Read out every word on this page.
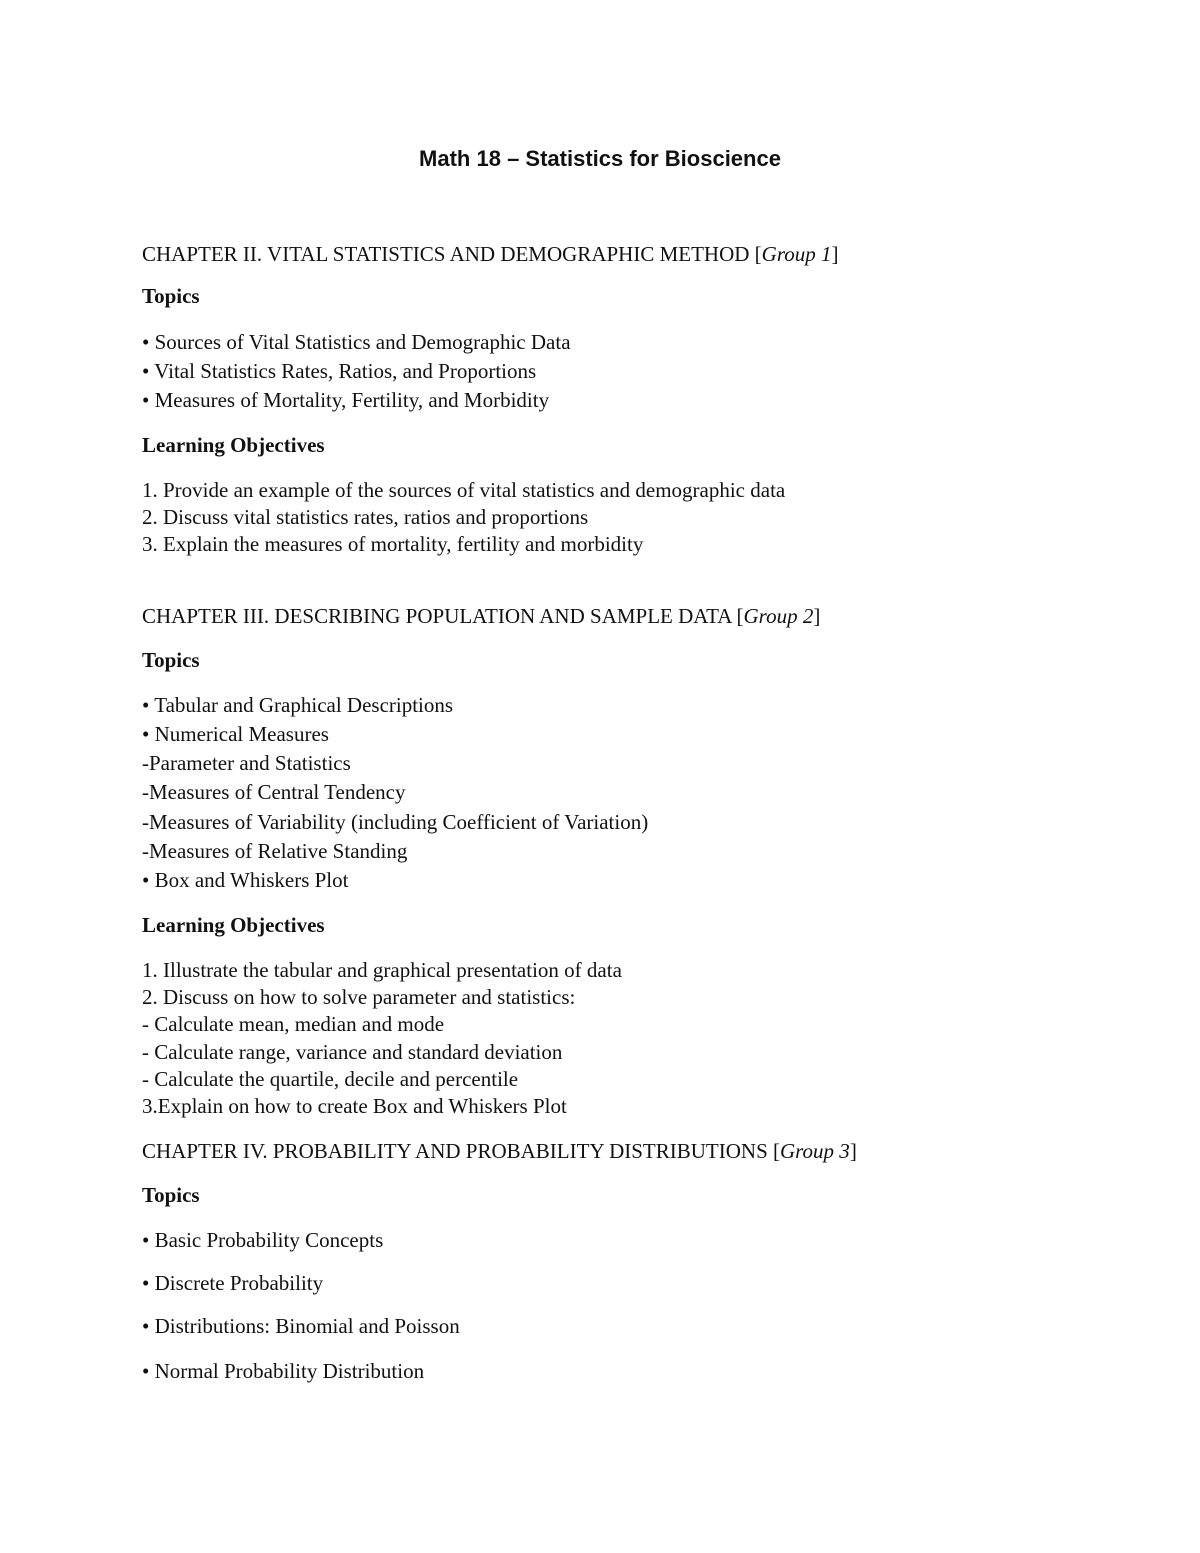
Math 18 – Statistics for Bioscience
CHAPTER II. VITAL STATISTICS AND DEMOGRAPHIC METHOD [Group 1]
Topics
• Sources of Vital Statistics and Demographic Data
• Vital Statistics Rates, Ratios, and Proportions
• Measures of Mortality, Fertility, and Morbidity
Learning Objectives
1. Provide an example of the sources of vital statistics and demographic data
2. Discuss vital statistics rates, ratios and proportions
3. Explain the measures of mortality, fertility and morbidity
CHAPTER III. DESCRIBING POPULATION AND SAMPLE DATA [Group 2]
Topics
• Tabular and Graphical Descriptions
• Numerical Measures
-Parameter and Statistics
-Measures of Central Tendency
-Measures of Variability (including Coefficient of Variation)
-Measures of Relative Standing
• Box and Whiskers Plot
Learning Objectives
1. Illustrate the tabular and graphical presentation of data
2. Discuss on how to solve parameter and statistics:
- Calculate mean, median and mode
- Calculate range, variance and standard deviation
- Calculate the quartile, decile and percentile
3.Explain on how to create Box and Whiskers Plot
CHAPTER IV. PROBABILITY AND PROBABILITY DISTRIBUTIONS [Group 3]
Topics
• Basic Probability Concepts
• Discrete Probability
• Distributions: Binomial and Poisson
• Normal Probability Distribution
